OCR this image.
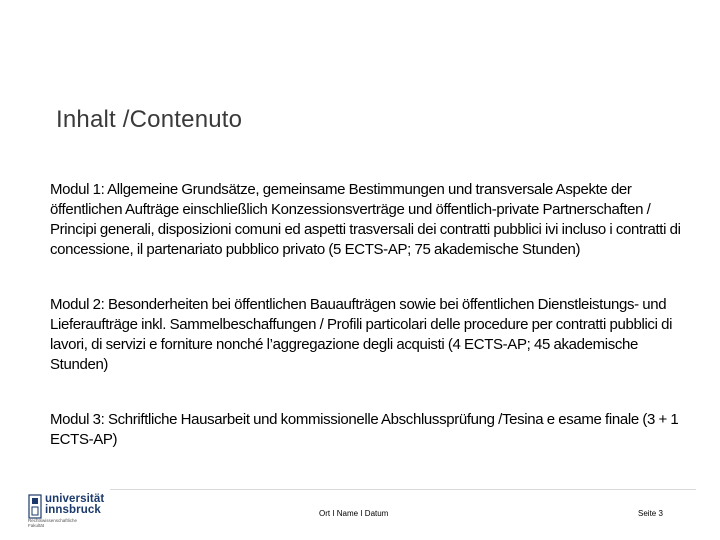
Inhalt /Contenuto

Modul 1: Allgemeine Grundsätze, gemeinsame Bestimmungen und transversale Aspekte der öffentlichen Aufträge einschließlich Konzessionsverträge und öffentlich-private Partnerschaften / Principi generali, disposizioni comuni ed aspetti trasversali dei contratti pubblici ivi incluso i contratti di concessione, il partenariato pubblico privato (5 ECTS-AP; 75 akademische Stunden)

Modul 2: Besonderheiten bei öffentlichen Bauaufträgen sowie bei öffentlichen Dienstleistungs- und Lieferaufträge inkl. Sammelbeschaffungen / Profili particolari delle procedure per contratti pubblici di lavori, di servizi e forniture nonché l’aggregazione degli acquisti (4 ECTS-AP; 45 akademische Stunden)

Modul 3: Schriftliche Hausarbeit und kommissionelle Abschlussprüfung /Tesina e esame finale (3 + 1 ECTS-AP)

universität
innsbruck
Rechtswissenschaftliche
Fakultät
Ort I Name I Datum	Seite 3
